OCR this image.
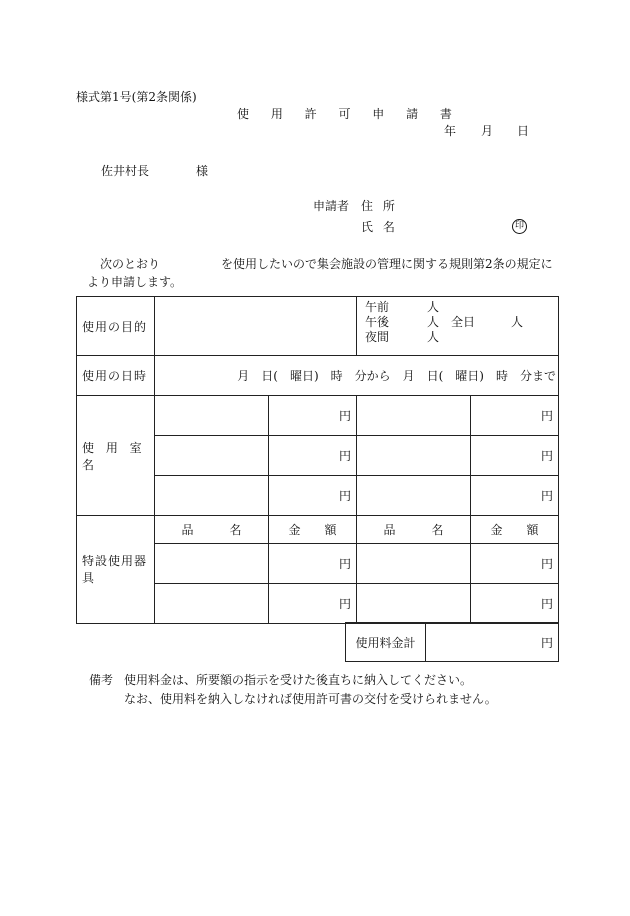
様式第1号(第2条関係)
使 用 許 可 申 請 書
年 月 日
佐井村長	様
申請者 住 所
氏 名	印
次のとおり	を使用したいので集会施設の管理に関する規則第2条の規定に
より申請します。
使用の目的			午前 人
午後 人 全日 人
夜間 人	

使用の日時	月　日(　曜日)　時　分から　月　日(　曜日)　時　分まで			
使 用 室 名		円		円
		円		円
		円		円
特設使用器具	品　　　名	金　　額	品　　　名	金　　額
		円		円
		円		円
使用料金計	円
備考 使用料金は、所要額の指示を受けた後直ちに納入してください。
なお、使用料を納入しなければ使用許可書の交付を受けられません。
